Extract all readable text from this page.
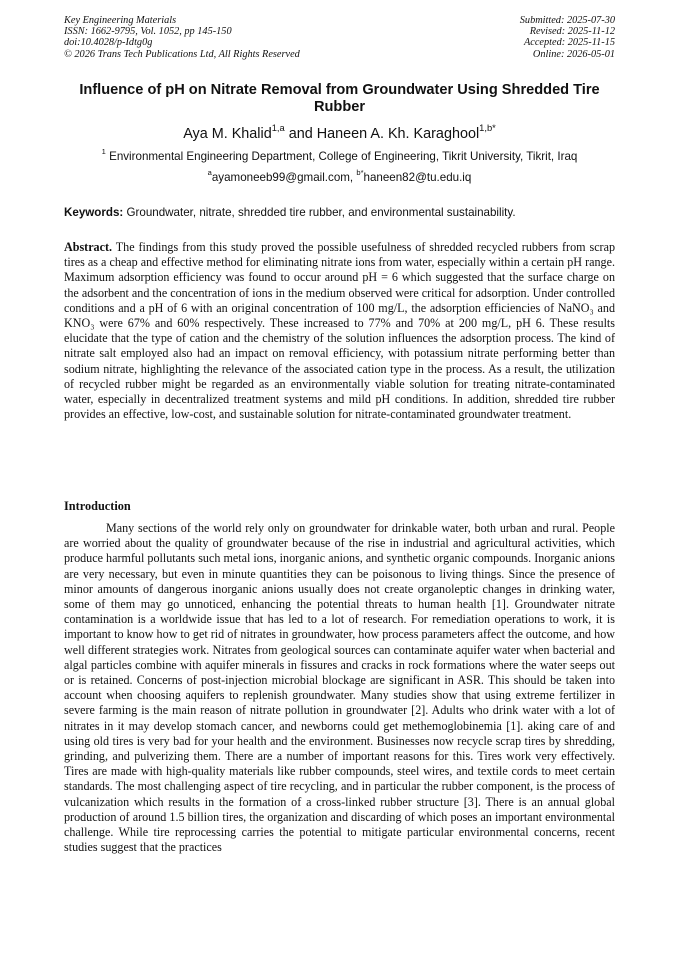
Key Engineering Materials
ISSN: 1662-9795, Vol. 1052, pp 145-150
doi:10.4028/p-Idtg0g
© 2026 Trans Tech Publications Ltd, All Rights Reserved
Submitted: 2025-07-30
Revised: 2025-11-12
Accepted: 2025-11-15
Online: 2026-05-01
Influence of pH on Nitrate Removal from Groundwater Using Shredded Tire Rubber
Aya M. Khalid$^{1,a}$ and Haneen A. Kh. Karaghool$^{1,b*}$
$^1$ Environmental Engineering Department, College of Engineering, Tikrit University, Tikrit, Iraq
$^a$ayamoneeb99@gmail.com, $^{b*}$haneen82@tu.edu.iq
Keywords: Groundwater, nitrate, shredded tire rubber, and environmental sustainability.
Abstract. The findings from this study proved the possible usefulness of shredded recycled rubbers from scrap tires as a cheap and effective method for eliminating nitrate ions from water, especially within a certain pH range. Maximum adsorption efficiency was found to occur around pH = 6 which suggested that the surface charge on the adsorbent and the concentration of ions in the medium observed were critical for adsorption. Under controlled conditions and a pH of 6 with an original concentration of 100 mg/L, the adsorption efficiencies of NaNO₃ and KNO₃ were 67% and 60% respectively. These increased to 77% and 70% at 200 mg/L, pH 6. These results elucidate that the type of cation and the chemistry of the solution influences the adsorption process. The kind of nitrate salt employed also had an impact on removal efficiency, with potassium nitrate performing better than sodium nitrate, highlighting the relevance of the associated cation type in the process. As a result, the utilization of recycled rubber might be regarded as an environmentally viable solution for treating nitrate-contaminated water, especially in decentralized treatment systems and mild pH conditions. In addition, shredded tire rubber provides an effective, low-cost, and sustainable solution for nitrate-contaminated groundwater treatment.
Introduction

Many sections of the world rely only on groundwater for drinkable water, both urban and rural. People are worried about the quality of groundwater because of the rise in industrial and agricultural activities, which produce harmful pollutants such metal ions, inorganic anions, and synthetic organic compounds. Inorganic anions are very necessary, but even in minute quantities they can be poisonous to living things. Since the presence of minor amounts of dangerous inorganic anions usually does not create organoleptic changes in drinking water, some of them may go unnoticed, enhancing the potential threats to human health [1]. Groundwater nitrate contamination is a worldwide issue that has led to a lot of research. For remediation operations to work, it is important to know how to get rid of nitrates in groundwater, how process parameters affect the outcome, and how well different strategies work. Nitrates from geological sources can contaminate aquifer water when bacterial and algal particles combine with aquifer minerals in fissures and cracks in rock formations where the water seeps out or is retained. Concerns of post-injection microbial blockage are significant in ASR. This should be taken into account when choosing aquifers to replenish groundwater. Many studies show that using extreme fertilizer in severe farming is the main reason of nitrate pollution in groundwater [2]. Adults who drink water with a lot of nitrates in it may develop stomach cancer, and newborns could get methemoglobinemia [1]. aking care of and using old tires is very bad for your health and the environment. Businesses now recycle scrap tires by shredding, grinding, and pulverizing them. There are a number of important reasons for this. Tires work very effectively. Tires are made with high-quality materials like rubber compounds, steel wires, and textile cords to meet certain standards. The most challenging aspect of tire recycling, and in particular the rubber component, is the process of vulcanization which results in the formation of a cross-linked rubber structure [3]. There is an annual global production of around 1.5 billion tires, the organization and discarding of which poses an important environmental challenge. While tire reprocessing carries the potential to mitigate particular environmental concerns, recent studies suggest that the practices
